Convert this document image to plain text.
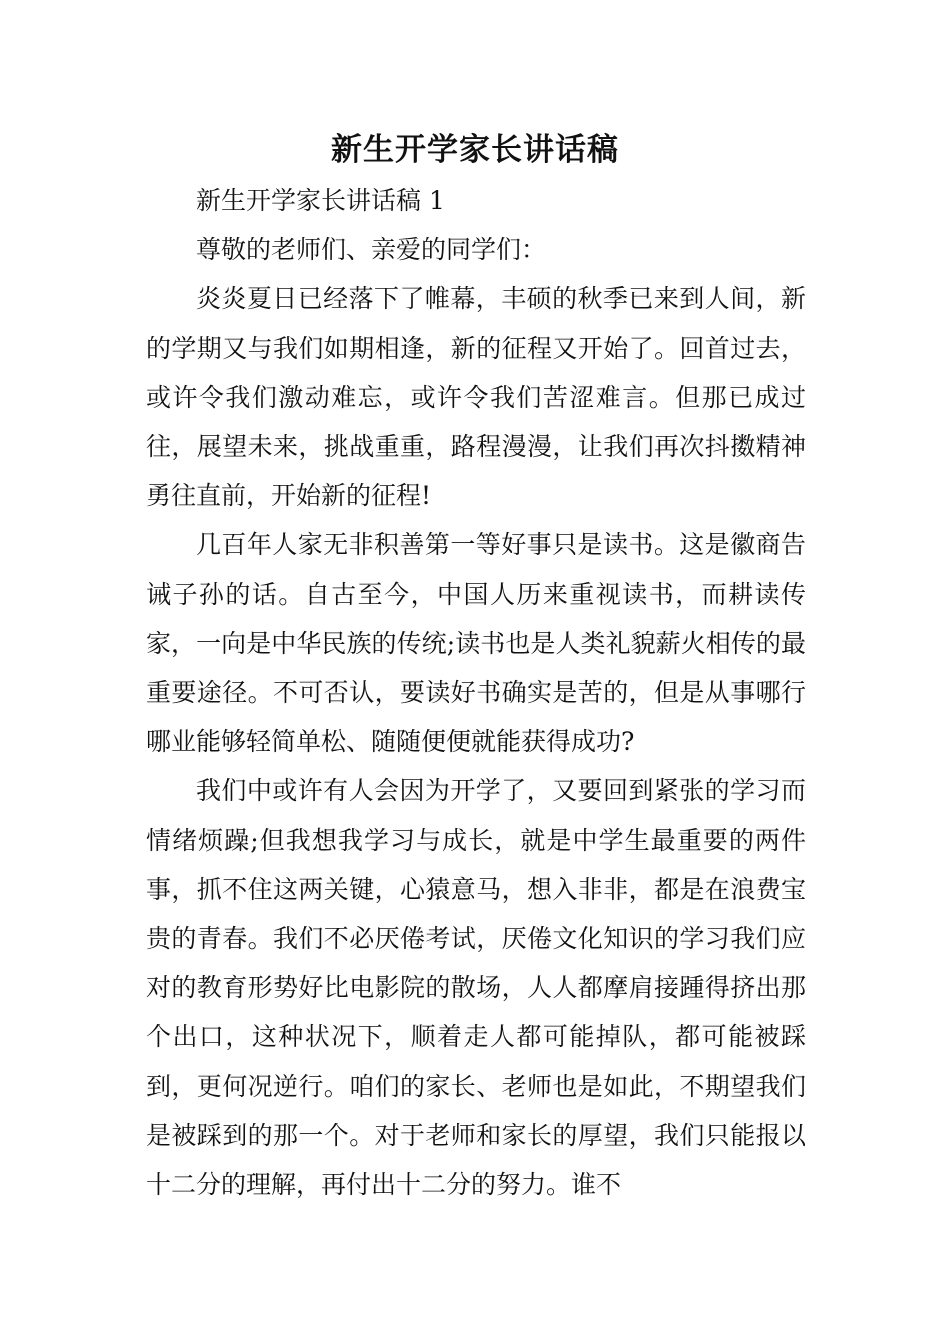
新生开学家长讲话稿

新生开学家长讲话稿 1

尊敬的老师们、亲爱的同学们：

炎炎夏日已经落下了帷幕，丰硕的秋季已来到人间，新的学期又与我们如期相逢，新的征程又开始了。回首过去，或许令我们激动难忘，或许令我们苦涩难言。但那已成过往，展望未来，挑战重重，路程漫漫，让我们再次抖擞精神勇往直前，开始新的征程!

几百年人家无非积善第一等好事只是读书。这是徽商告诫子孙的话。自古至今，中国人历来重视读书，而耕读传家，一向是中华民族的传统;读书也是人类礼貌薪火相传的最重要途径。不可否认，要读好书确实是苦的，但是从事哪行哪业能够轻简单松、随随便便就能获得成功?

我们中或许有人会因为开学了，又要回到紧张的学习而情绪烦躁;但我想我学习与成长，就是中学生最重要的两件事，抓不住这两关键，心猿意马，想入非非，都是在浪费宝贵的青春。我们不必厌倦考试，厌倦文化知识的学习我们应对的教育形势好比电影院的散场，人人都摩肩接踵得挤出那个出口，这种状况下，顺着走人都可能掉队，都可能被踩到，更何况逆行。咱们的家长、老师也是如此，不期望我们是被踩到的那一个。对于老师和家长的厚望，我们只能报以十二分的理解，再付出十二分的努力。谁不
